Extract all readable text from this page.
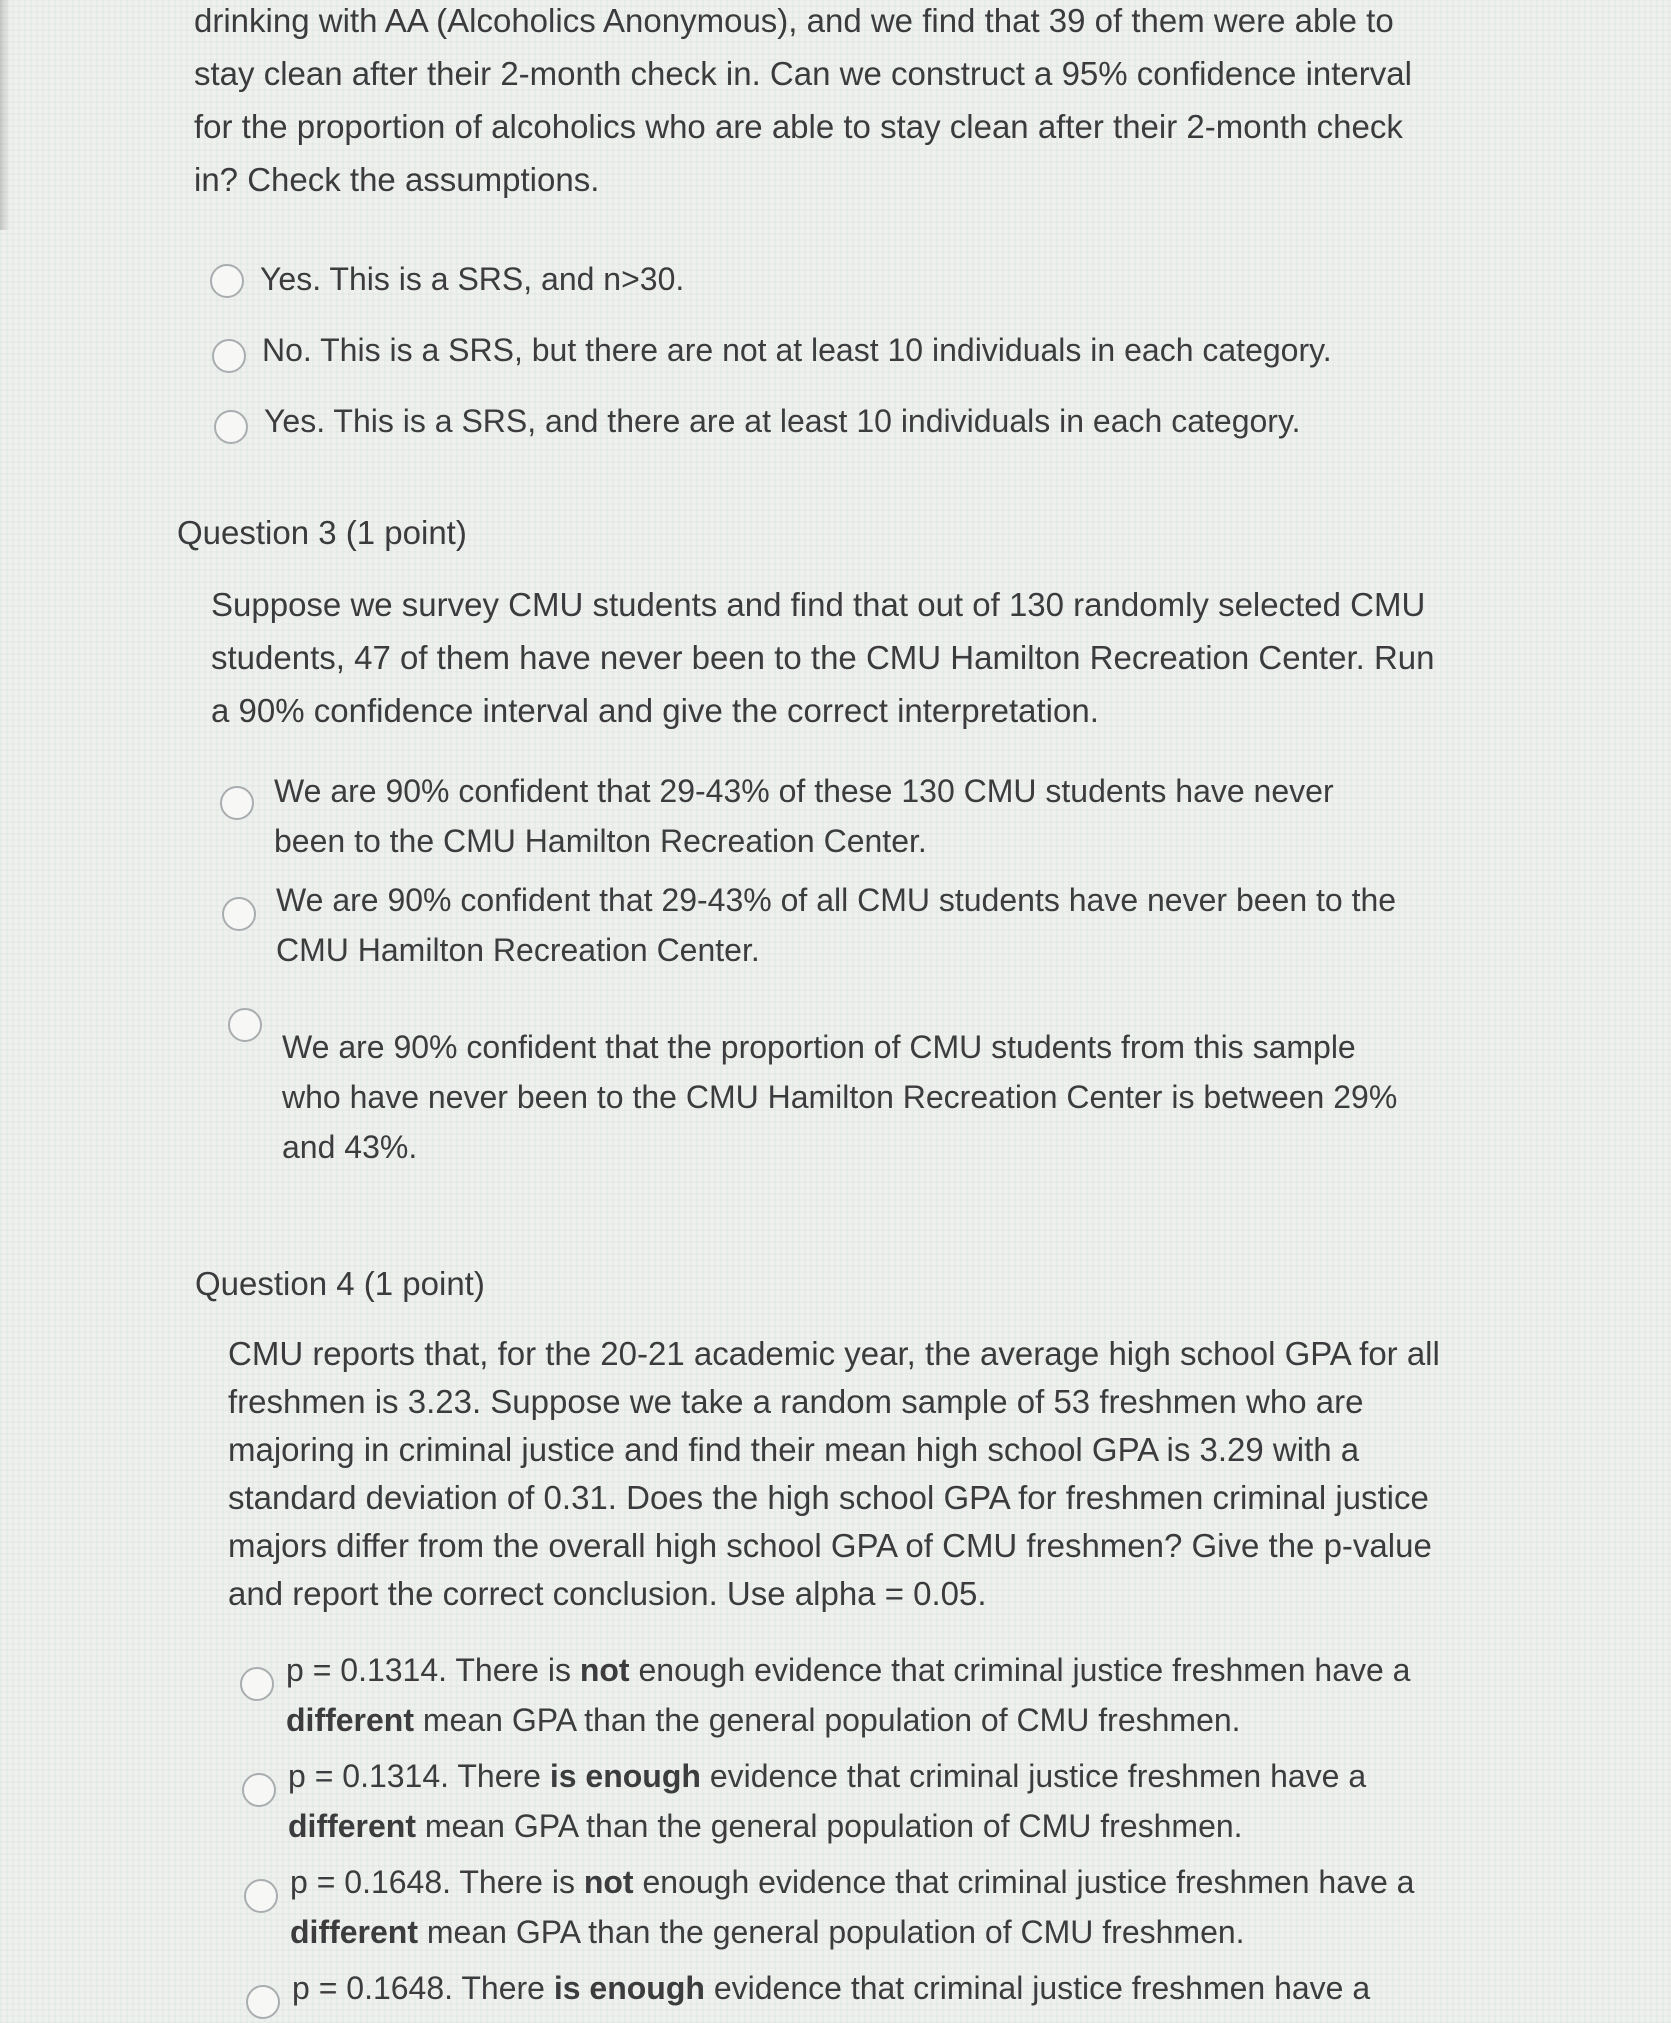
drinking with AA (Alcoholics Anonymous), and we find that 39 of them were able to

stay clean after their 2-month check in. Can we construct a 95% confidence interval

for the proportion of alcoholics who are able to stay clean after their 2-month check

in? Check the assumptions.

Yes. This is a SRS, and n>30.
No. This is a SRS, but there are not at least 10 individuals in each category.
Yes. This is a SRS, and there are at least 10 individuals in each category.

Question 3 (1 point)

Suppose we survey CMU students and find that out of 130 randomly selected CMU

students, 47 of them have never been to the CMU Hamilton Recreation Center. Run

a 90% confidence interval and give the correct interpretation.

We are 90% confident that 29-43% of these 130 CMU students have never
been to the CMU Hamilton Recreation Center.
We are 90% confident that 29-43% of all CMU students have never been to the
CMU Hamilton Recreation Center.
We are 90% confident that the proportion of CMU students from this sample
who have never been to the CMU Hamilton Recreation Center is between 29%
and 43%.

Question 4 (1 point)

CMU reports that, for the 20-21 academic year, the average high school GPA for all

freshmen is 3.23. Suppose we take a random sample of 53 freshmen who are

majoring in criminal justice and find their mean high school GPA is 3.29 with a

standard deviation of 0.31. Does the high school GPA for freshmen criminal justice

majors differ from the overall high school GPA of CMU freshmen? Give the p-value

and report the correct conclusion. Use alpha = 0.05.

p = 0.1314. There is not enough evidence that criminal justice freshmen have a
different mean GPA than the general population of CMU freshmen.
p = 0.1314. There is enough evidence that criminal justice freshmen have a
different mean GPA than the general population of CMU freshmen.
p = 0.1648. There is not enough evidence that criminal justice freshmen have a
different mean GPA than the general population of CMU freshmen.
p = 0.1648. There is enough evidence that criminal justice freshmen have a
